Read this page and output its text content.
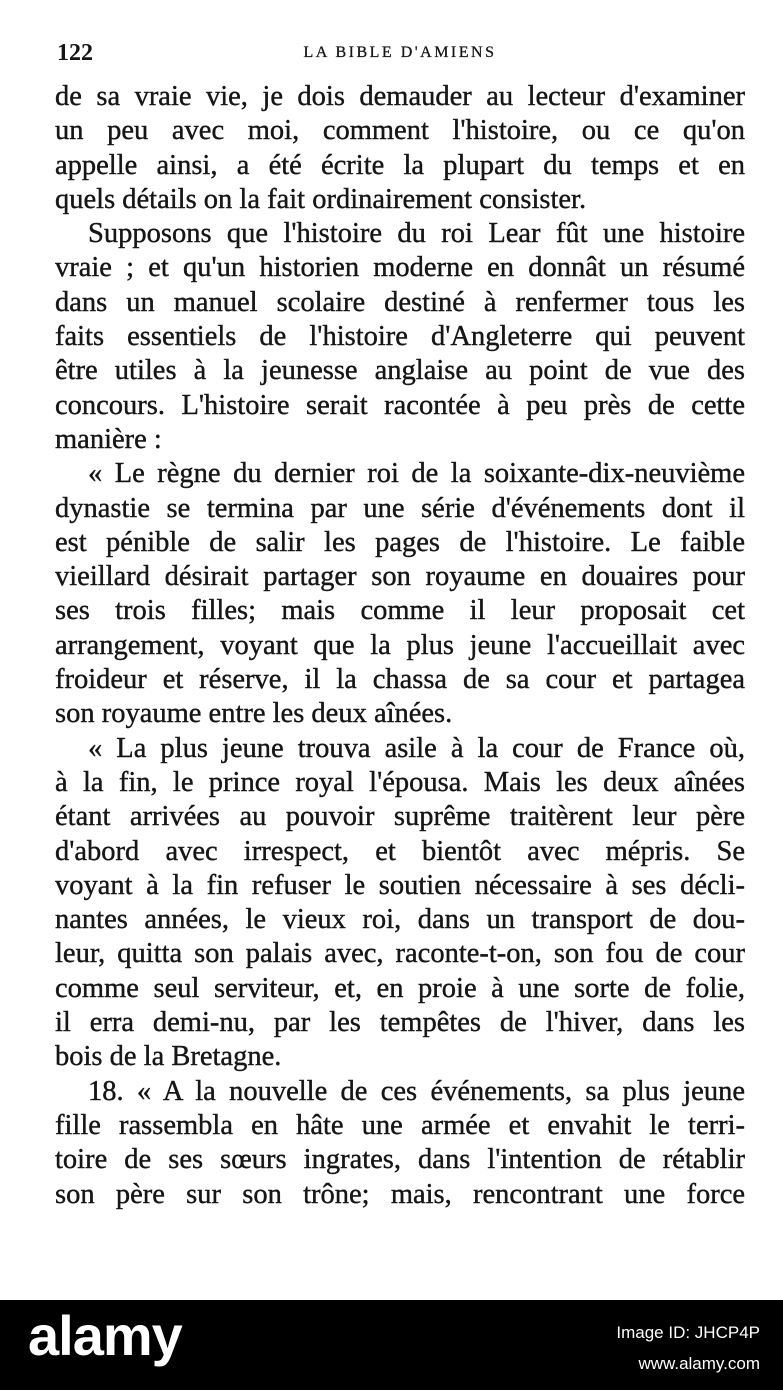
122	LA BIBLE D'AMIENS
de sa vraie vie, je dois demauder au lecteur d'examiner
un peu avec moi, comment l'histoire, ou ce qu'on
appelle ainsi, a été écrite la plupart du temps et en
quels détails on la fait ordinairement consister.
Supposons que l'histoire du roi Lear fût une histoire
vraie ; et qu'un historien moderne en donnât un résumé
dans un manuel scolaire destiné à renfermer tous les
faits essentiels de l'histoire d'Angleterre qui peuvent
être utiles à la jeunesse anglaise au point de vue des
concours. L'histoire serait racontée à peu près de cette
manière :
« Le règne du dernier roi de la soixante-dix-neuvième
dynastie se termina par une série d'événements dont il
est pénible de salir les pages de l'histoire. Le faible
vieillard désirait partager son royaume en douaires pour
ses trois filles; mais comme il leur proposait cet
arrangement, voyant que la plus jeune l'accueillait avec
froideur et réserve, il la chassa de sa cour et partagea
son royaume entre les deux aînées.
« La plus jeune trouva asile à la cour de France où,
à la fin, le prince royal l'épousa. Mais les deux aînées
étant arrivées au pouvoir suprême traitèrent leur père
d'abord avec irrespect, et bientôt avec mépris. Se
voyant à la fin refuser le soutien nécessaire à ses décli-
nantes années, le vieux roi, dans un transport de dou-
leur, quitta son palais avec, raconte-t-on, son fou de cour
comme seul serviteur, et, en proie à une sorte de folie,
il erra demi-nu, par les tempêtes de l'hiver, dans les
bois de la Bretagne.
18. « A la nouvelle de ces événements, sa plus jeune
fille rassembla en hâte une armée et envahit le terri-
toire de ses sœurs ingrates, dans l'intention de rétablir
son père sur son trône; mais, rencontrant une force
alamy	Image ID: JHCP4P
www.alamy.com
